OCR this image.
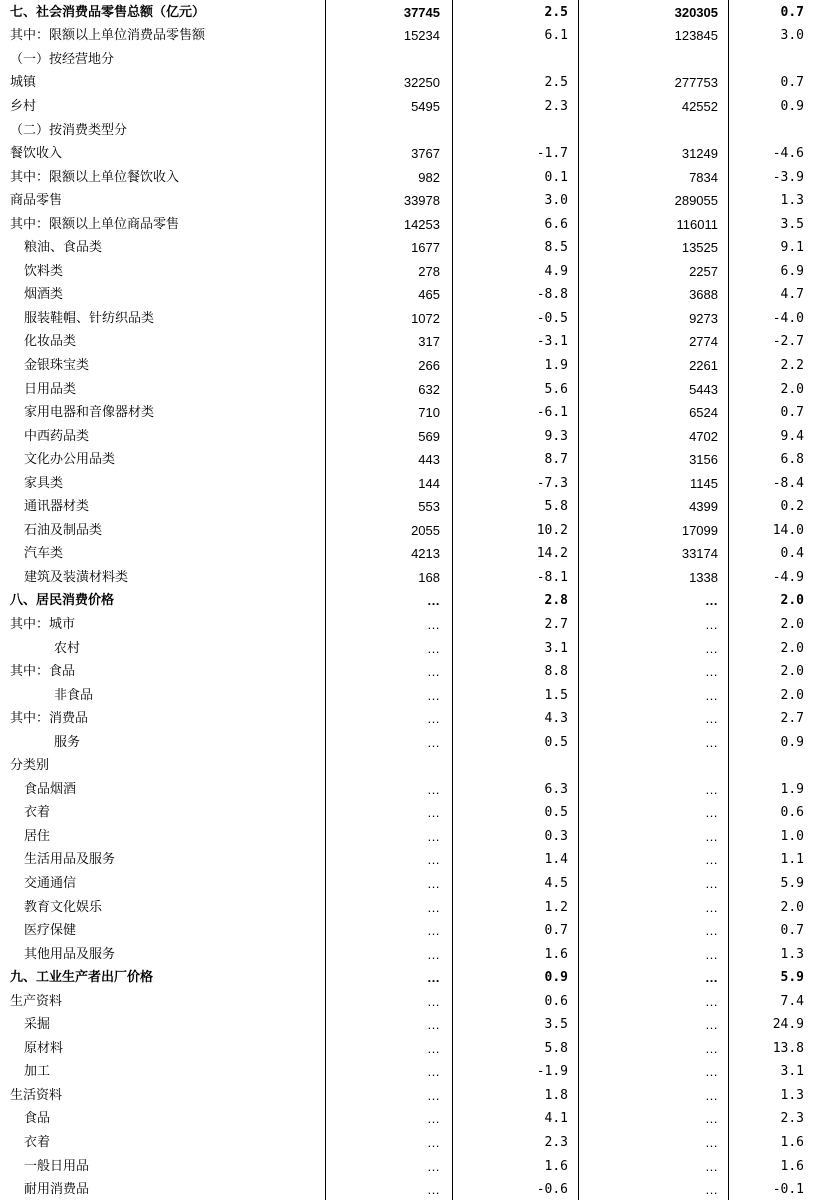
七、社会消费品零售总额（亿元）	37745	2.5	320305	0.7
其中：限额以上单位消费品零售额	15234	6.1	123845	3.0
（一）按经营地分
城镇	32250	2.5	277753	0.7
乡村	5495	2.3	42552	0.9
（二）按消费类型分
餐饮收入	3767	-1.7	31249	-4.6
其中：限额以上单位餐饮收入	982	0.1	7834	-3.9
商品零售	33978	3.0	289055	1.3
其中：限额以上单位商品零售	14253	6.6	116011	3.5
粮油、食品类	1677	8.5	13525	9.1
饮料类	278	4.9	2257	6.9
烟酒类	465	-8.8	3688	4.7
服装鞋帽、针纺织品类	1072	-0.5	9273	-4.0
化妆品类	317	-3.1	2774	-2.7
金银珠宝类	266	1.9	2261	2.2
日用品类	632	5.6	5443	2.0
家用电器和音像器材类	710	-6.1	6524	0.7
中西药品类	569	9.3	4702	9.4
文化办公用品类	443	8.7	3156	6.8
家具类	144	-7.3	1145	-8.4
通讯器材类	553	5.8	4399	0.2
石油及制品类	2055	10.2	17099	14.0
汽车类	4213	14.2	33174	0.4
建筑及装潢材料类	168	-8.1	1338	-4.9
八、居民消费价格	…	2.8	…	2.0
其中：城市	…	2.7	…	2.0
农村	…	3.1	…	2.0
其中：食品	…	8.8	…	2.0
非食品	…	1.5	…	2.0
其中：消费品	…	4.3	…	2.7
服务	…	0.5	…	0.9
分类别
食品烟酒	…	6.3	…	1.9
衣着	…	0.5	…	0.6
居住	…	0.3	…	1.0
生活用品及服务	…	1.4	…	1.1
交通通信	…	4.5	…	5.9
教育文化娱乐	…	1.2	…	2.0
医疗保健	…	0.7	…	0.7
其他用品及服务	…	1.6	…	1.3
九、工业生产者出厂价格	…	0.9	…	5.9
生产资料	…	0.6	…	7.4
采掘	…	3.5	…	24.9
原材料	…	5.8	…	13.8
加工	…	-1.9	…	3.1
生活资料	…	1.8	…	1.3
食品	…	4.1	…	2.3
衣着	…	2.3	…	1.6
一般日用品	…	1.6	…	1.6
耐用消费品	…	-0.6	…	-0.1
